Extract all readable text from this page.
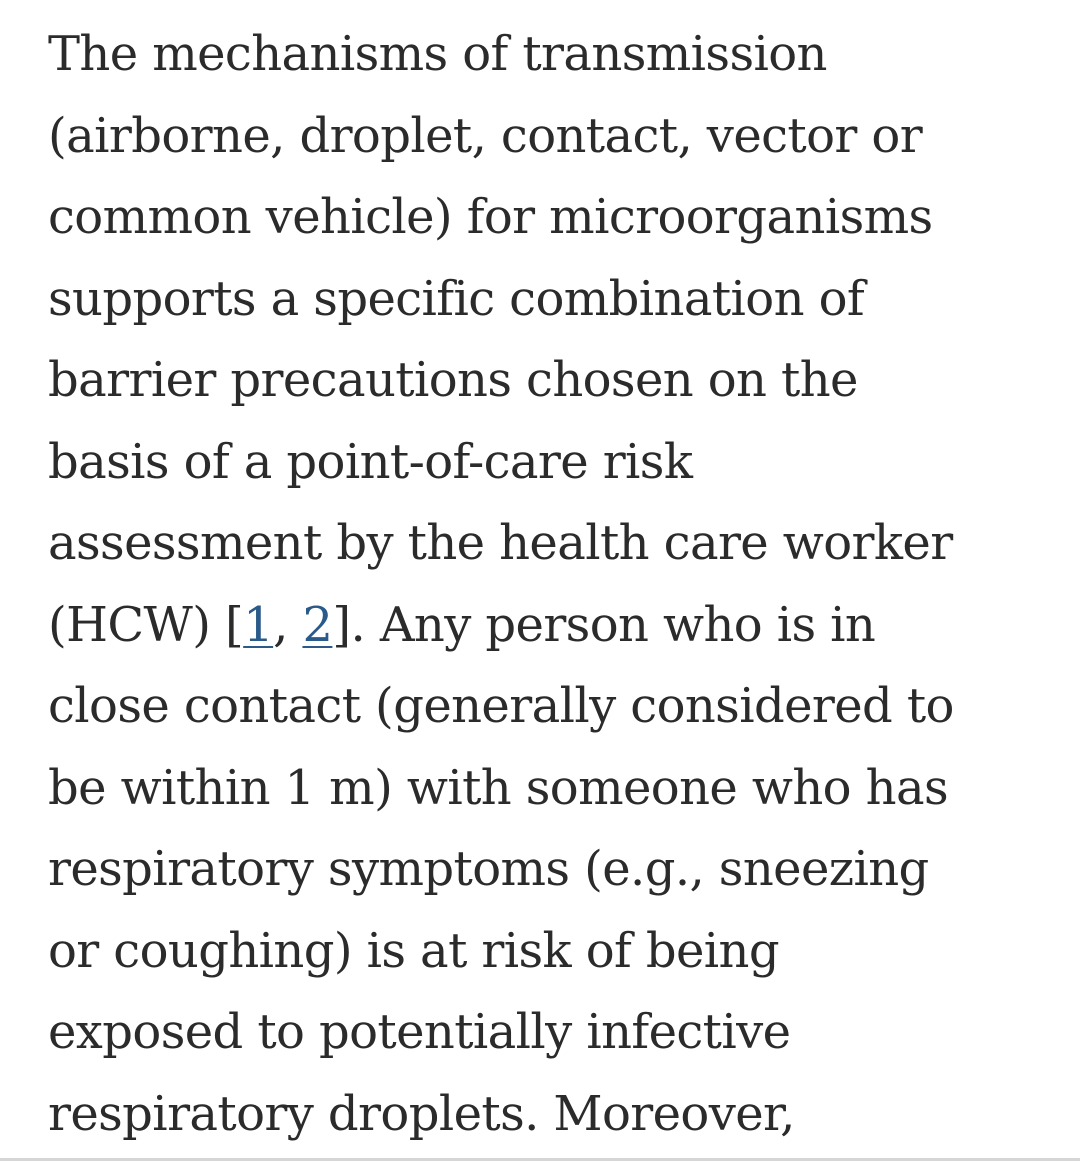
The mechanisms of transmission
(airborne, droplet, contact, vector or
common vehicle) for microorganisms
supports a specific combination of
barrier precautions chosen on the
basis of a point-of-care risk
assessment by the health care worker
(HCW) [1, 2]. Any person who is in
close contact (generally considered to
be within 1 m) with someone who has
respiratory symptoms (e.g., sneezing
or coughing) is at risk of being
exposed to potentially infective
respiratory droplets. Moreover,
